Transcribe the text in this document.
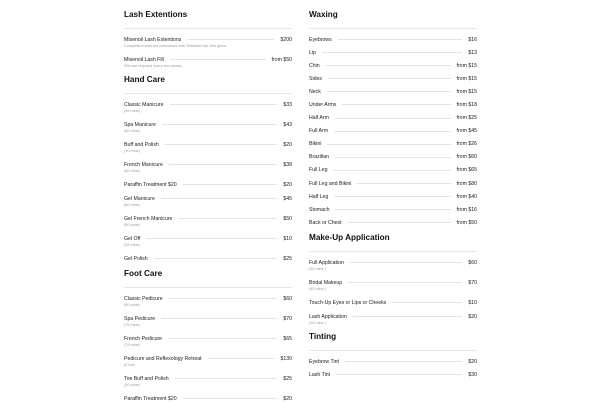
Lash Extentions
Misenoil Lash Extentions	$200
Complete model-led extensions with Tintolash eye free glove.
Misenoil Lash Fill	from $50
Fills are required every two weeks.
Hand Care
Classic Manicure	$33
(45 mins)
Spa Manicure	$43
(60 mins)
Buff and Polish	$20
(30 mins)
French Manicure	$38
(60 mins)
Paraffin Treatment $20	$20
Gel Manicure	$45
(60 mins)
Gel French Manicure	$50
(60 mins)
Gel Off	$10
(15 mins)
Gel Polish	$25
Foot Care
Classic Pedicure	$60
(60 mins)
Spa Pedicure	$70
(75 mins)
French Pedicure	$65
(75 mins)
Pedicure and Reflexology Retreat	$130
(2 hrs)
Toe Buff and Polish	$25
(30 mins)
Paraffin Treatment $20	$20
Waxing
Eyebrows	$16
Lip	$13
Chin	from $15
Sides	from $15
Neck	from $15
Under Arms	from $18
Half Arm	from $25
Full Arm	from $45
Bikini	from $26
Brazilian	from $60
Full Leg	from $65
Full Leg and Bikini	from $80
Half Leg	from $40
Stomach	from $16
Back or Chest	from $50
Make-Up Application
Full Application	$60
(30 mins )
Bridal Makeup	$70
(45 mins )
Touch-Up Eyes or Lips or Cheeks	$10
Lash Application	$20
(15 mins )
Tinting
Eyebrow Tint	$20
Lash Tint	$30
